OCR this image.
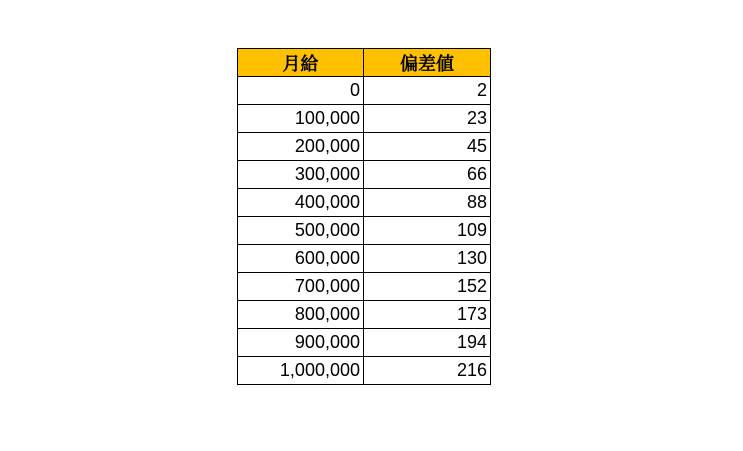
月給	偏差値
0	2
100,000	23
200,000	45
300,000	66
400,000	88
500,000	109
600,000	130
700,000	152
800,000	173
900,000	194
1,000,000	216
